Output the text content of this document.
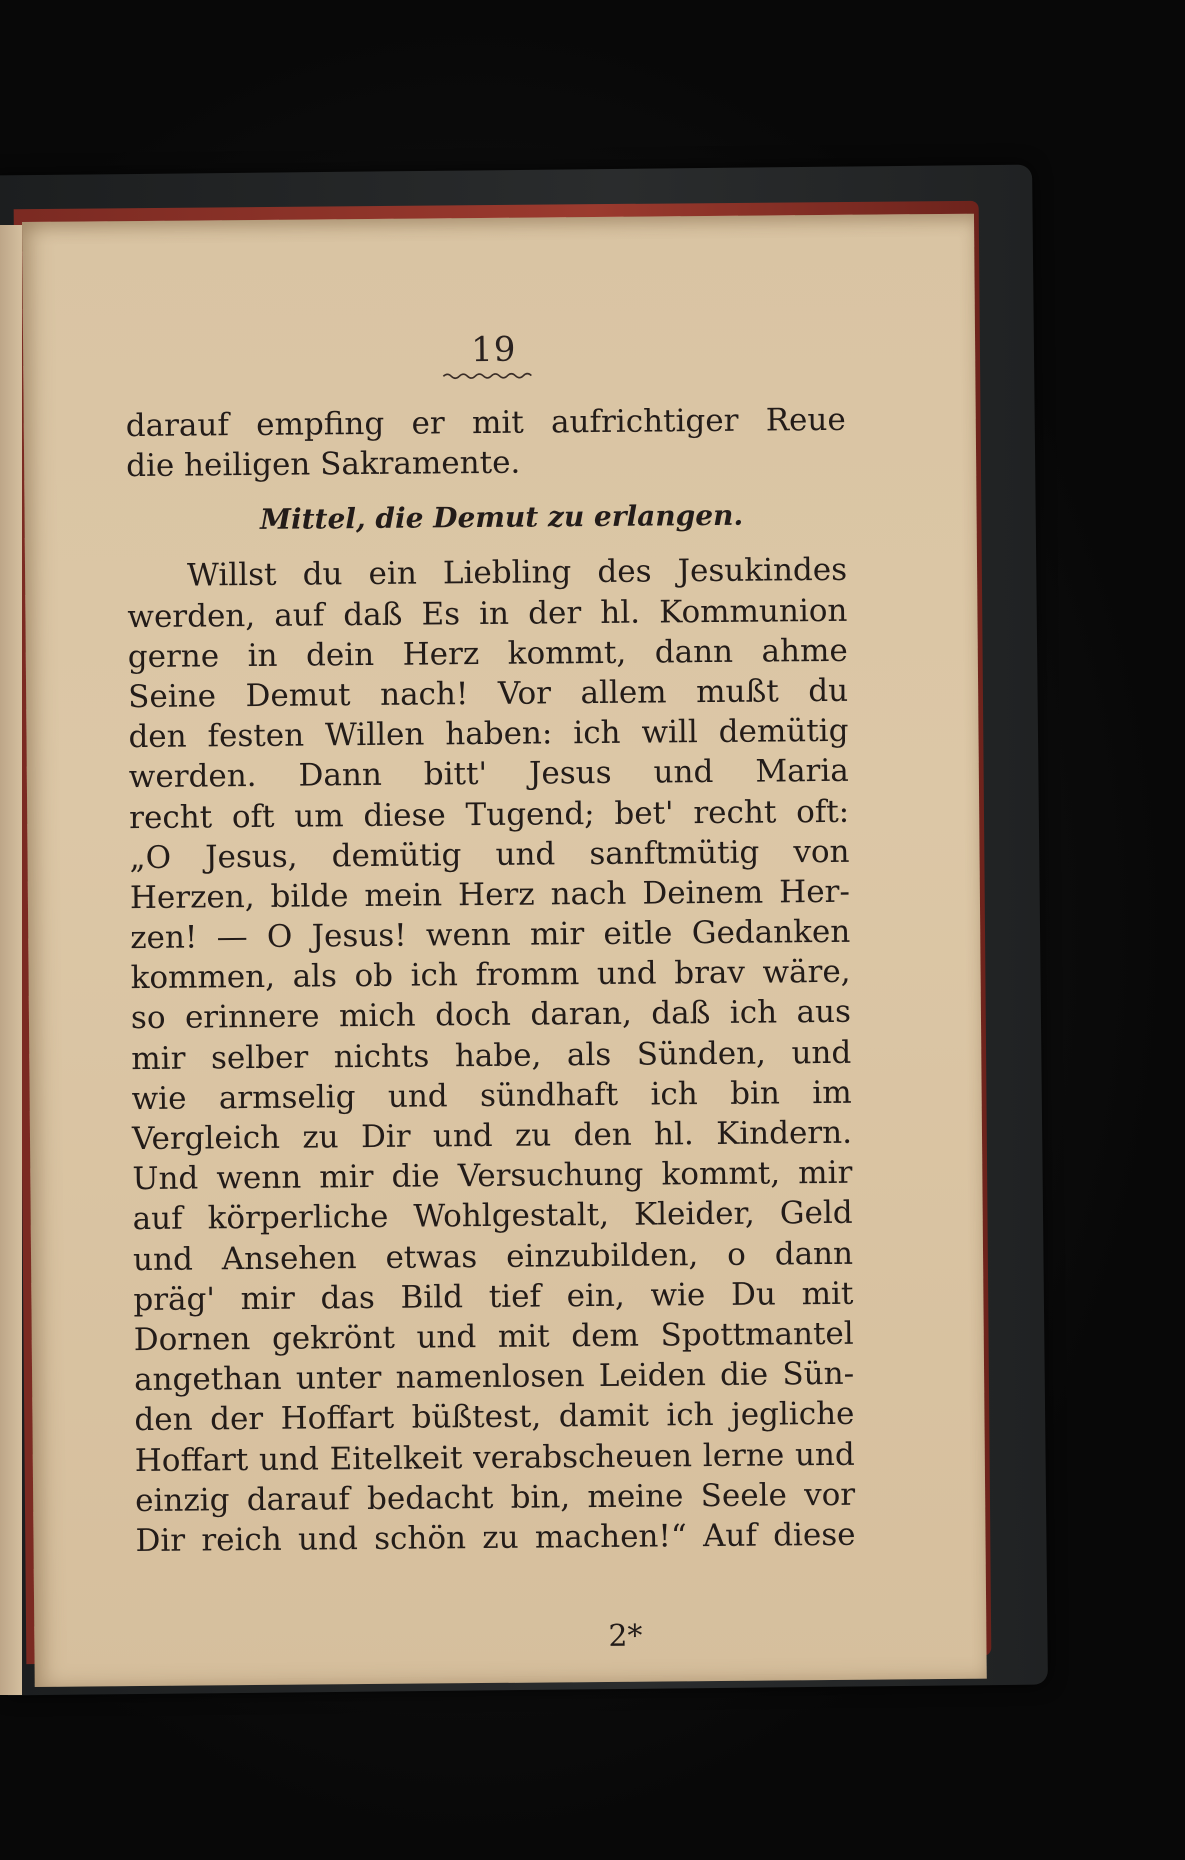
19
darauf empfing er mit aufrichtiger Reue
die heiligen Sakramente.
Mittel, die Demut zu erlangen.
Willst du ein Liebling des Jesukindes
werden, auf daß Es in der hl. Kommunion
gerne in dein Herz kommt, dann ahme
Seine Demut nach! Vor allem mußt du
den festen Willen haben: ich will demütig
werden. Dann bitt' Jesus und Maria
recht oft um diese Tugend; bet' recht oft:
„O Jesus, demütig und sanftmütig von
Herzen, bilde mein Herz nach Deinem Her-
zen! — O Jesus! wenn mir eitle Gedanken
kommen, als ob ich fromm und brav wäre,
so erinnere mich doch daran, daß ich aus
mir selber nichts habe, als Sünden, und
wie armselig und sündhaft ich bin im
Vergleich zu Dir und zu den hl. Kindern.
Und wenn mir die Versuchung kommt, mir
auf körperliche Wohlgestalt, Kleider, Geld
und Ansehen etwas einzubilden, o dann
präg' mir das Bild tief ein, wie Du mit
Dornen gekrönt und mit dem Spottmantel
angethan unter namenlosen Leiden die Sün-
den der Hoffart büßtest, damit ich jegliche
Hoffart und Eitelkeit verabscheuen lerne und
einzig darauf bedacht bin, meine Seele vor
Dir reich und schön zu machen!“ Auf diese
2*
